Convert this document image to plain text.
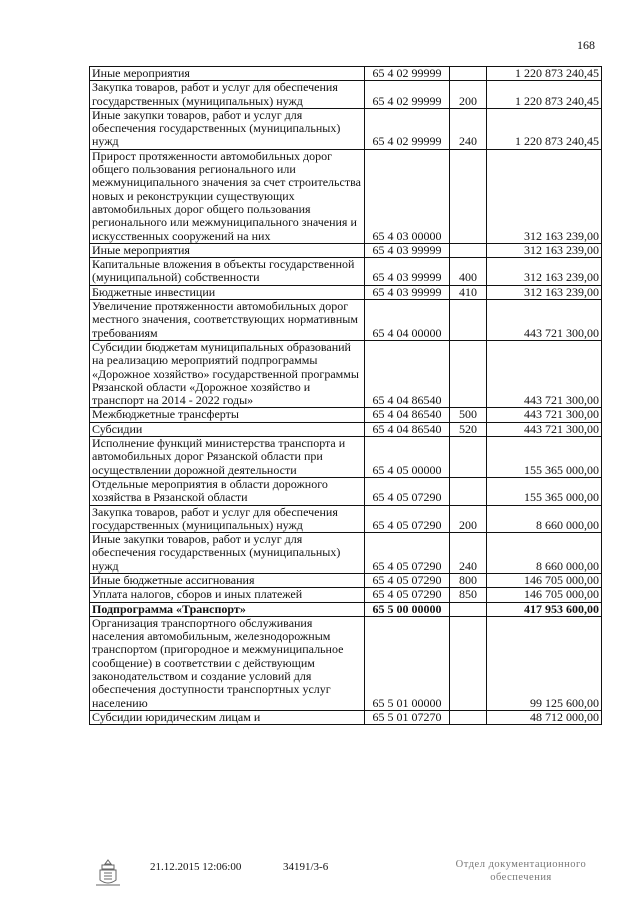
168
Иные мероприятия	65 4 02 99999		1 220 873 240,45
Закупка товаров, работ и услуг для обеспечения государственных (муниципальных) нужд	65 4 02 99999	200	1 220 873 240,45
Иные закупки товаров, работ и услуг для обеспечения государственных (муниципальных) нужд	65 4 02 99999	240	1 220 873 240,45
Прирост протяженности автомобильных дорог общего пользования регионального или межмуниципального значения за счет строительства новых и реконструкции существующих автомобильных дорог общего пользования регионального или межмуниципального значения и искусственных сооружений на них	65 4 03 00000		312 163 239,00
Иные мероприятия	65 4 03 99999		312 163 239,00
Капитальные вложения в объекты государственной (муниципальной) собственности	65 4 03 99999	400	312 163 239,00
Бюджетные инвестиции	65 4 03 99999	410	312 163 239,00
Увеличение протяженности автомобильных дорог местного значения, соответствующих нормативным требованиям	65 4 04 00000		443 721 300,00
Субсидии бюджетам муниципальных образований на реализацию мероприятий подпрограммы «Дорожное хозяйство» государственной программы Рязанской области «Дорожное хозяйство и транспорт на 2014 - 2022 годы»	65 4 04 86540		443 721 300,00
Межбюджетные трансферты	65 4 04 86540	500	443 721 300,00
Субсидии	65 4 04 86540	520	443 721 300,00
Исполнение функций министерства транспорта и автомобильных дорог Рязанской области при осуществлении дорожной деятельности	65 4 05 00000		155 365 000,00
Отдельные мероприятия в области дорожного хозяйства в Рязанской области	65 4 05 07290		155 365 000,00
Закупка товаров, работ и услуг для обеспечения государственных (муниципальных) нужд	65 4 05 07290	200	8 660 000,00
Иные закупки товаров, работ и услуг для обеспечения государственных (муниципальных) нужд	65 4 05 07290	240	8 660 000,00
Иные бюджетные ассигнования	65 4 05 07290	800	146 705 000,00
Уплата налогов, сборов и иных платежей	65 4 05 07290	850	146 705 000,00
Подпрограмма «Транспорт»	65 5 00 00000		417 953 600,00
Организация транспортного обслуживания населения автомобильным, железнодорожным транспортом (пригородное и межмуниципальное сообщение) в соответствии с действующим законодательством и создание условий для обеспечения доступности транспортных услуг населению	65 5 01 00000		99 125 600,00
Субсидии юридическим лицам и	65 5 01 07270		48 712 000,00
21.12.2015 12:06:00	34191/3-6	Отдел документационного обеспечения
